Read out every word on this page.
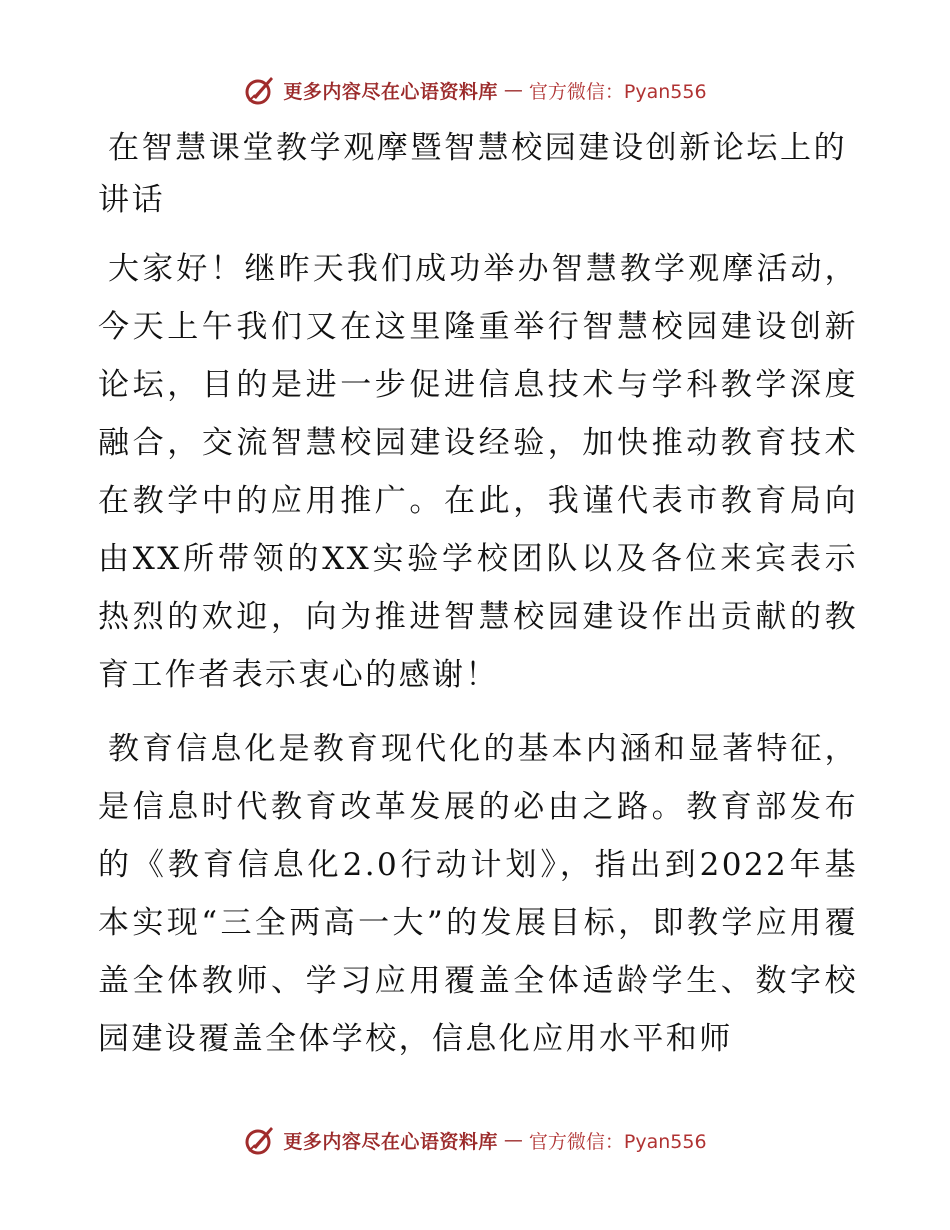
更多内容尽在心语资料库 — 官方微信：Pyan556
在智慧课堂教学观摩暨智慧校园建设创新论坛上的讲话

大家好！继昨天我们成功举办智慧教学观摩活动，今天上午我们又在这里隆重举行智慧校园建设创新论坛，目的是进一步促进信息技术与学科教学深度融合，交流智慧校园建设经验，加快推动教育技术在教学中的应用推广。在此，我谨代表市教育局向由XX所带领的XX实验学校团队以及各位来宾表示热烈的欢迎，向为推进智慧校园建设作出贡献的教育工作者表示衷心的感谢！

教育信息化是教育现代化的基本内涵和显著特征，是信息时代教育改革发展的必由之路。教育部发布的《教育信息化2.0行动计划》，指出到2022年基本实现“三全两高一大”的发展目标，即教学应用覆盖全体教师、学习应用覆盖全体适龄学生、数字校园建设覆盖全体学校，信息化应用水平和师

更多内容尽在心语资料库 — 官方微信：Pyan556
